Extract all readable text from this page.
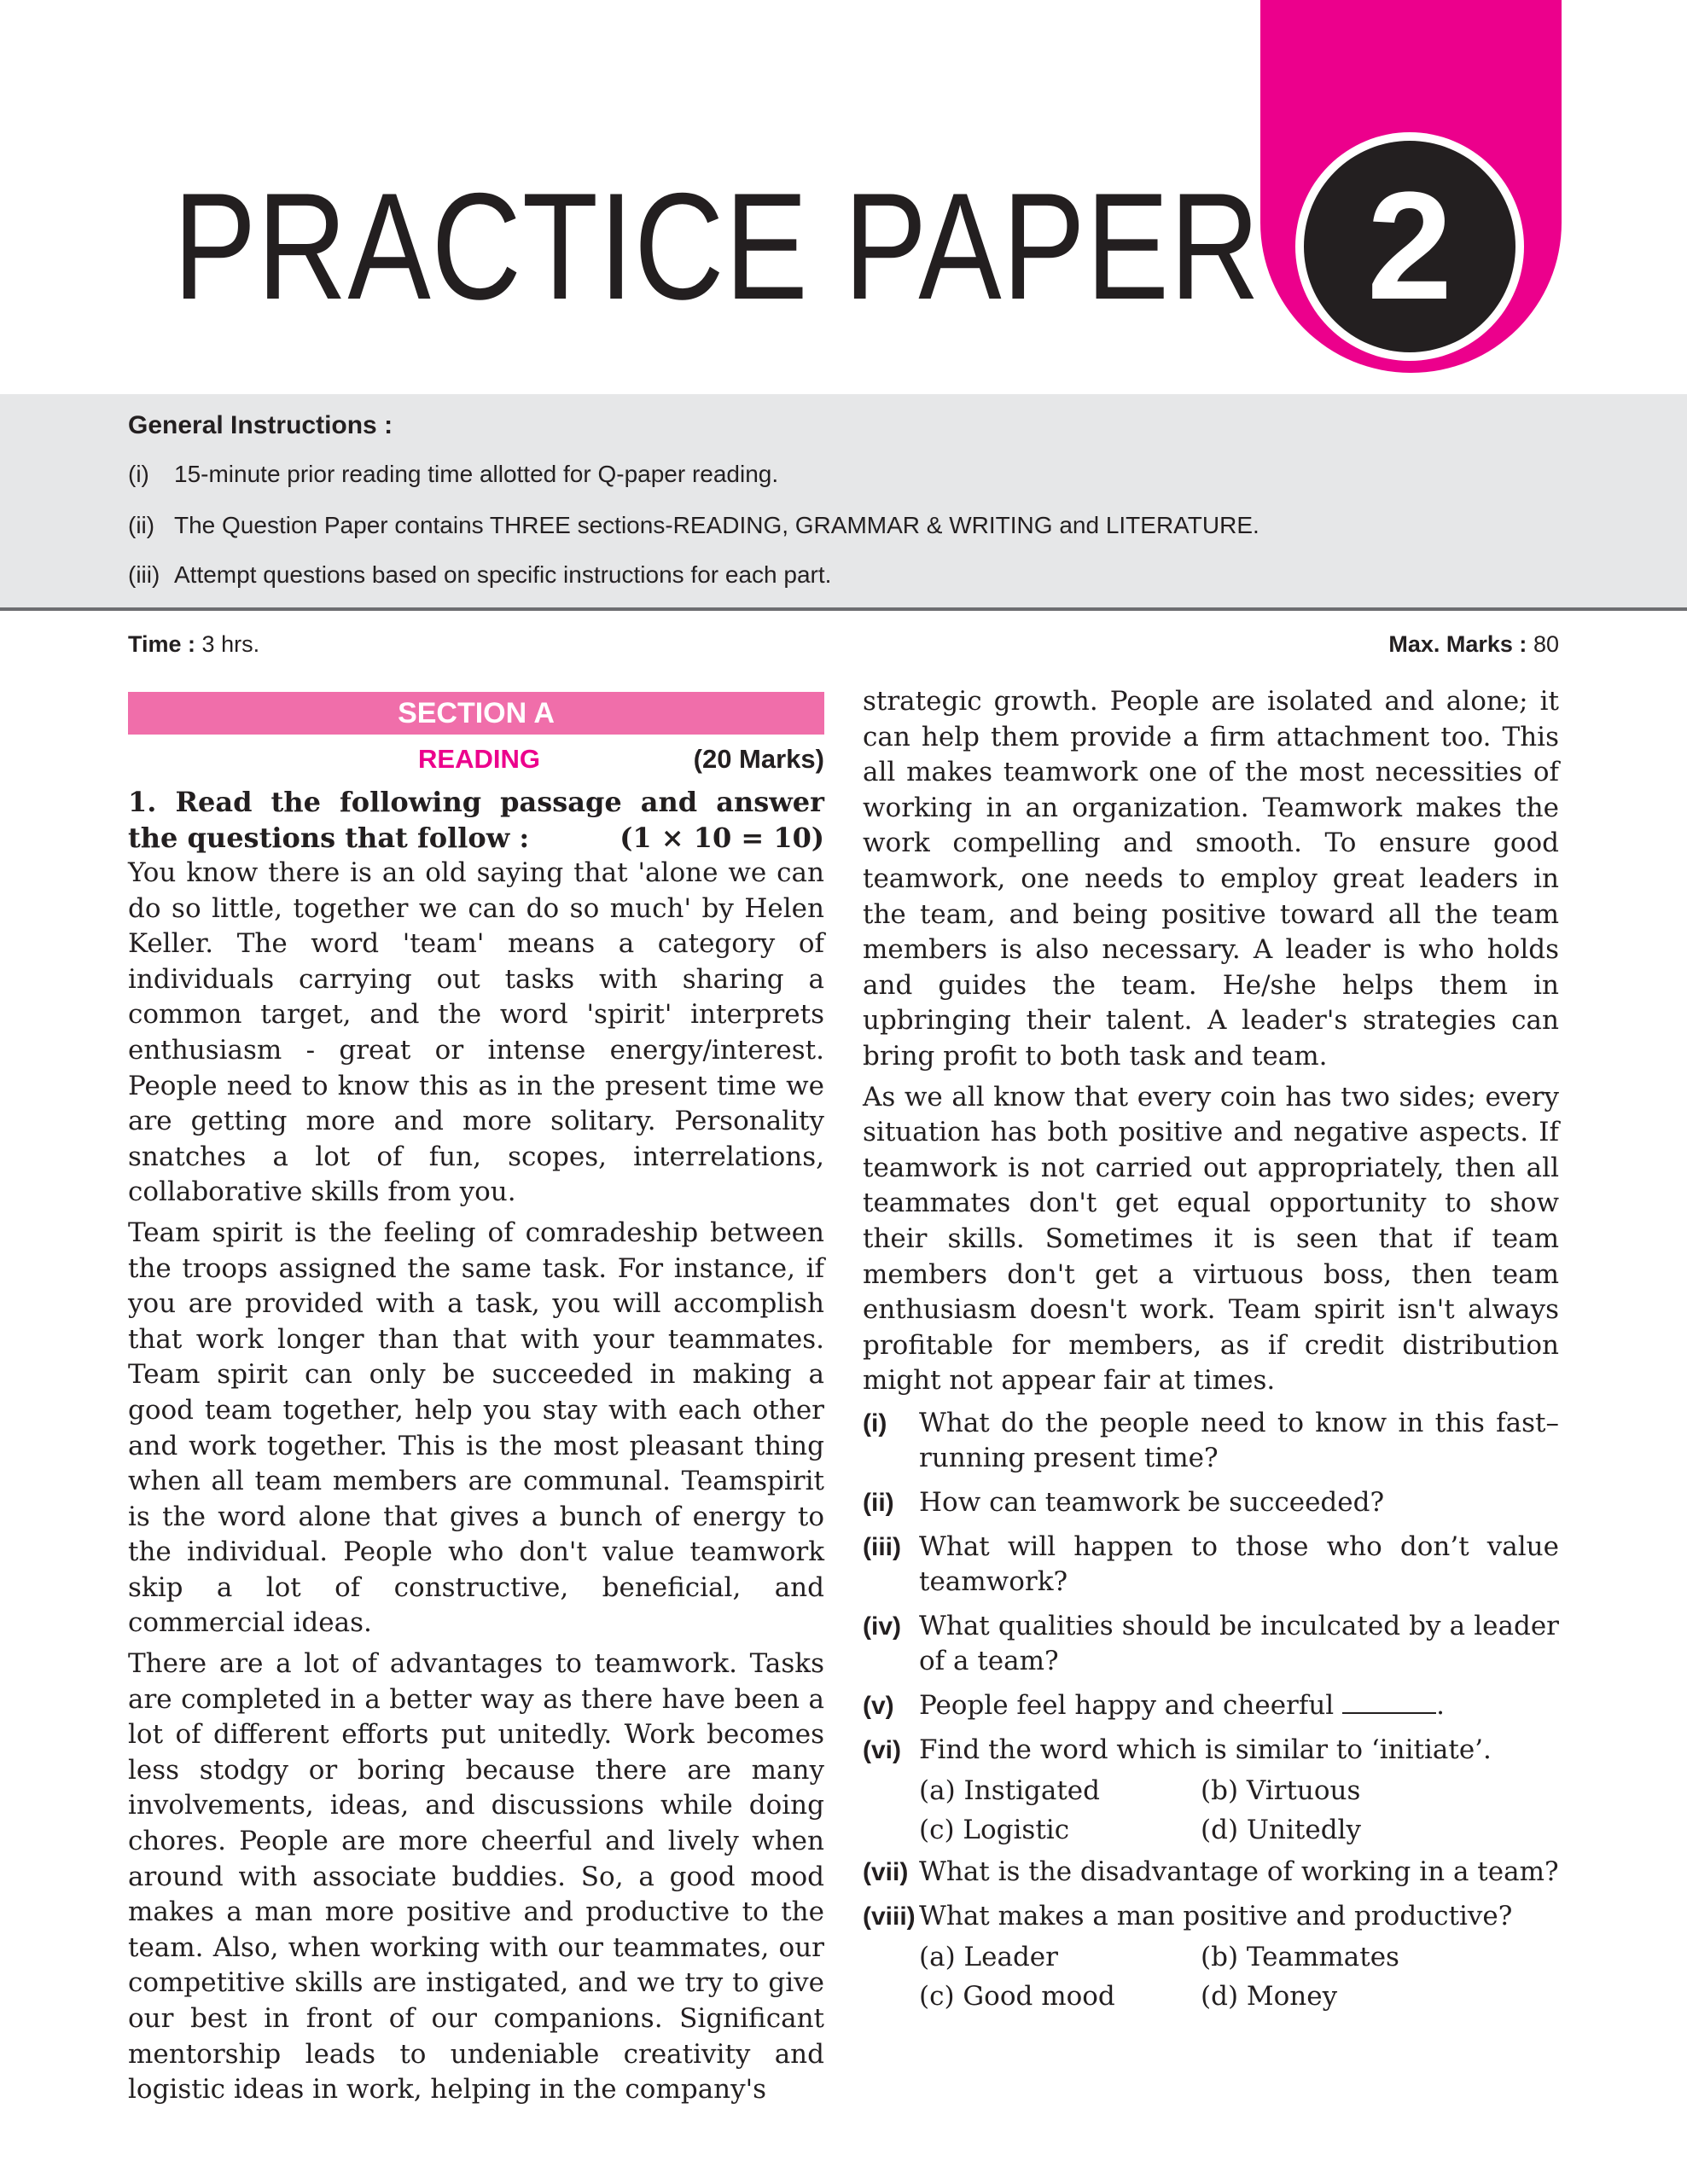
PRACTICE PAPER 2
General Instructions :
(i) 15-minute prior reading time allotted for Q-paper reading.
(ii) The Question Paper contains THREE sections-READING, GRAMMAR & WRITING and LITERATURE.
(iii) Attempt questions based on specific instructions for each part.
Time : 3 hrs.	Max. Marks : 80
SECTION A
READING	(20 Marks)
1. Read the following passage and answer the questions that follow :	(1 × 10 = 10)

You know there is an old saying that 'alone we can do so little, together we can do so much' by Helen Keller. The word 'team' means a category of individuals carrying out tasks with sharing a common target, and the word 'spirit' interprets enthusiasm - great or intense energy/interest. People need to know this as in the present time we are getting more and more solitary. Personality snatches a lot of fun, scopes, interrelations, collaborative skills from you.

Team spirit is the feeling of comradeship between the troops assigned the same task. For instance, if you are provided with a task, you will accomplish that work longer than that with your teammates. Team spirit can only be succeeded in making a good team together, help you stay with each other and work together. This is the most pleasant thing when all team members are communal. Teamspirit is the word alone that gives a bunch of energy to the individual. People who don't value teamwork skip a lot of constructive, beneficial, and commercial ideas.

There are a lot of advantages to teamwork. Tasks are completed in a better way as there have been a lot of different efforts put unitedly. Work becomes less stodgy or boring because there are many involvements, ideas, and discussions while doing chores. People are more cheerful and lively when around with associate buddies. So, a good mood makes a man more positive and productive to the team. Also, when working with our teammates, our competitive skills are instigated, and we try to give our best in front of our companions. Significant mentorship leads to undeniable creativity and logistic ideas in work, helping in the company's

strategic growth. People are isolated and alone; it can help them provide a firm attachment too. This all makes teamwork one of the most necessities of working in an organization. Teamwork makes the work compelling and smooth. To ensure good teamwork, one needs to employ great leaders in the team, and being positive toward all the team members is also necessary. A leader is who holds and guides the team. He/she helps them in upbringing their talent. A leader's strategies can bring profit to both task and team.

As we all know that every coin has two sides; every situation has both positive and negative aspects. If teamwork is not carried out appropriately, then all teammates don't get equal opportunity to show their skills. Sometimes it is seen that if team members don't get a virtuous boss, then team enthusiasm doesn't work. Team spirit isn't always profitable for members, as if credit distribution might not appear fair at times.

(i)	What do the people need to know in this fast–running present time?
(ii) How can teamwork be succeeded?
(iii) What will happen to those who don’t value teamwork?
(iv) What qualities should be inculcated by a leader of a team?
(v) People feel happy and cheerful	.
(vi) Find the word which is similar to ‘initiate’.
(a) Instigated	(b) Virtuous
(c) Logistic	(d) Unitedly
(vii) What is the disadvantage of working in a team?
(viii) What makes a man positive and productive?
(a) Leader	(b) Teammates
(c) Good mood	(d) Money
